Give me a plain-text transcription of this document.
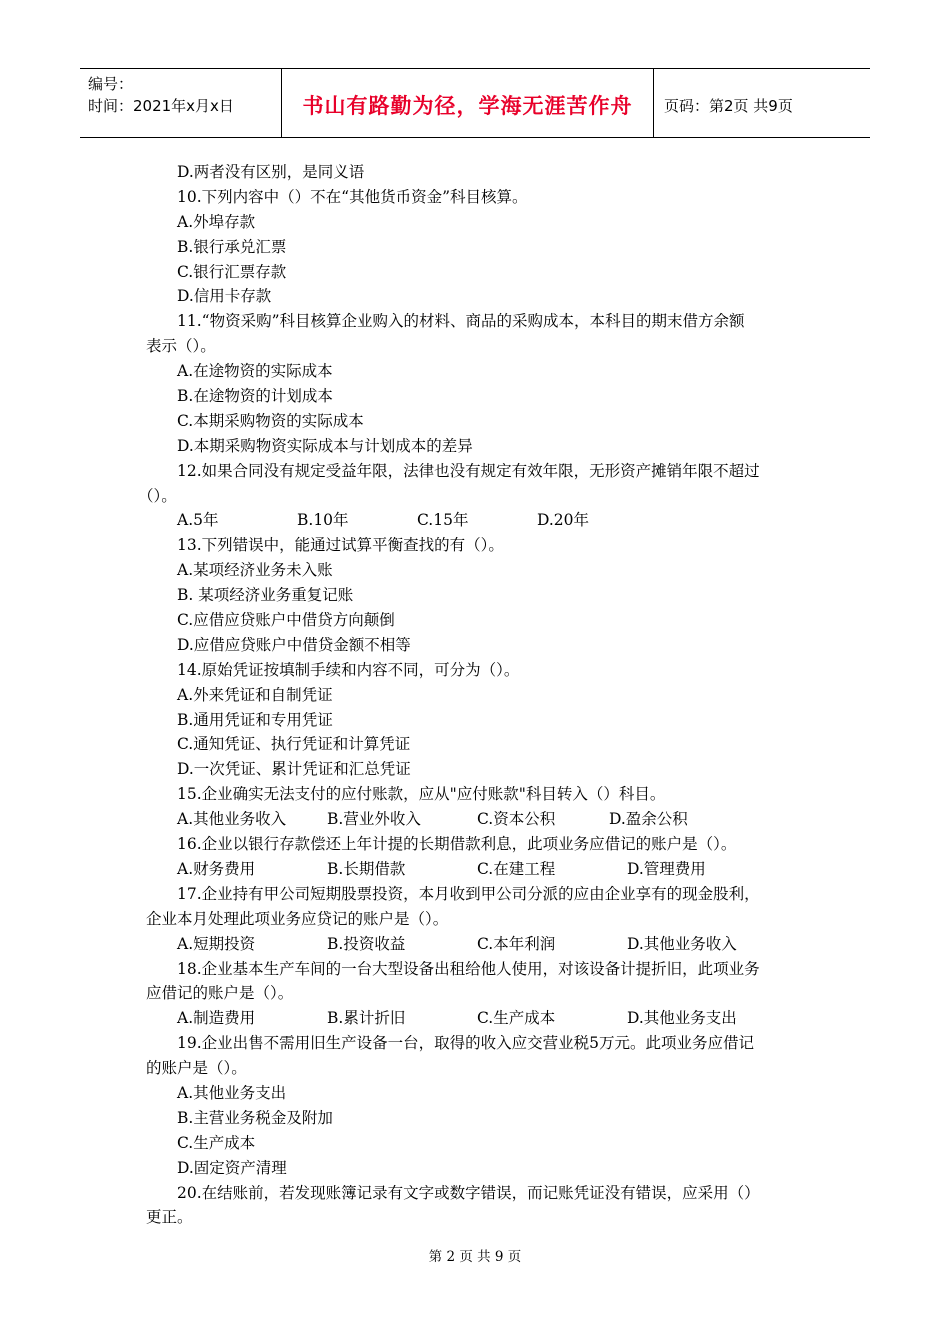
编号：
时间：2021年x月x日	书山有路勤为径，学海无涯苦作舟	页码：第2页 共9页
D.两者没有区别，是同义语
10.下列内容中（）不在“其他货币资金”科目核算。
A.外埠存款
B.银行承兑汇票
C.银行汇票存款
D.信用卡存款
11.“物资采购”科目核算企业购入的材料、商品的采购成本，本科目的期末借方余额
表示（）。
A.在途物资的实际成本
B.在途物资的计划成本
C.本期采购物资的实际成本
D.本期采购物资实际成本与计划成本的差异
12.如果合同没有规定受益年限，法律也没有规定有效年限，无形资产摊销年限不超过
（）。
A.5年	B.10年	C.15年	D.20年
13.下列错误中，能通过试算平衡查找的有（）。
A.某项经济业务未入账
B. 某项经济业务重复记账
C.应借应贷账户中借贷方向颠倒
D.应借应贷账户中借贷金额不相等
14.原始凭证按填制手续和内容不同，可分为（）。
A.外来凭证和自制凭证
B.通用凭证和专用凭证
C.通知凭证、执行凭证和计算凭证
D.一次凭证、累计凭证和汇总凭证
15.企业确实无法支付的应付账款，应从"应付账款"科目转入（）科目。
A.其他业务收入	B.营业外收入	C.资本公积	D.盈余公积
16.企业以银行存款偿还上年计提的长期借款利息，此项业务应借记的账户是（）。
A.财务费用	B.长期借款	C.在建工程	D.管理费用
17.企业持有甲公司短期股票投资，本月收到甲公司分派的应由企业享有的现金股利，
企业本月处理此项业务应贷记的账户是（）。
A.短期投资	B.投资收益	C.本年利润	D.其他业务收入
18.企业基本生产车间的一台大型设备出租给他人使用，对该设备计提折旧，此项业务
应借记的账户是（）。
A.制造费用	B.累计折旧	C.生产成本	D.其他业务支出
19.企业出售不需用旧生产设备一台，取得的收入应交营业税5万元。此项业务应借记
的账户是（）。
A.其他业务支出
B.主营业务税金及附加
C.生产成本
D.固定资产清理
20.在结账前，若发现账簿记录有文字或数字错误，而记账凭证没有错误，应采用（）
更正。
第 2 页 共 9 页
